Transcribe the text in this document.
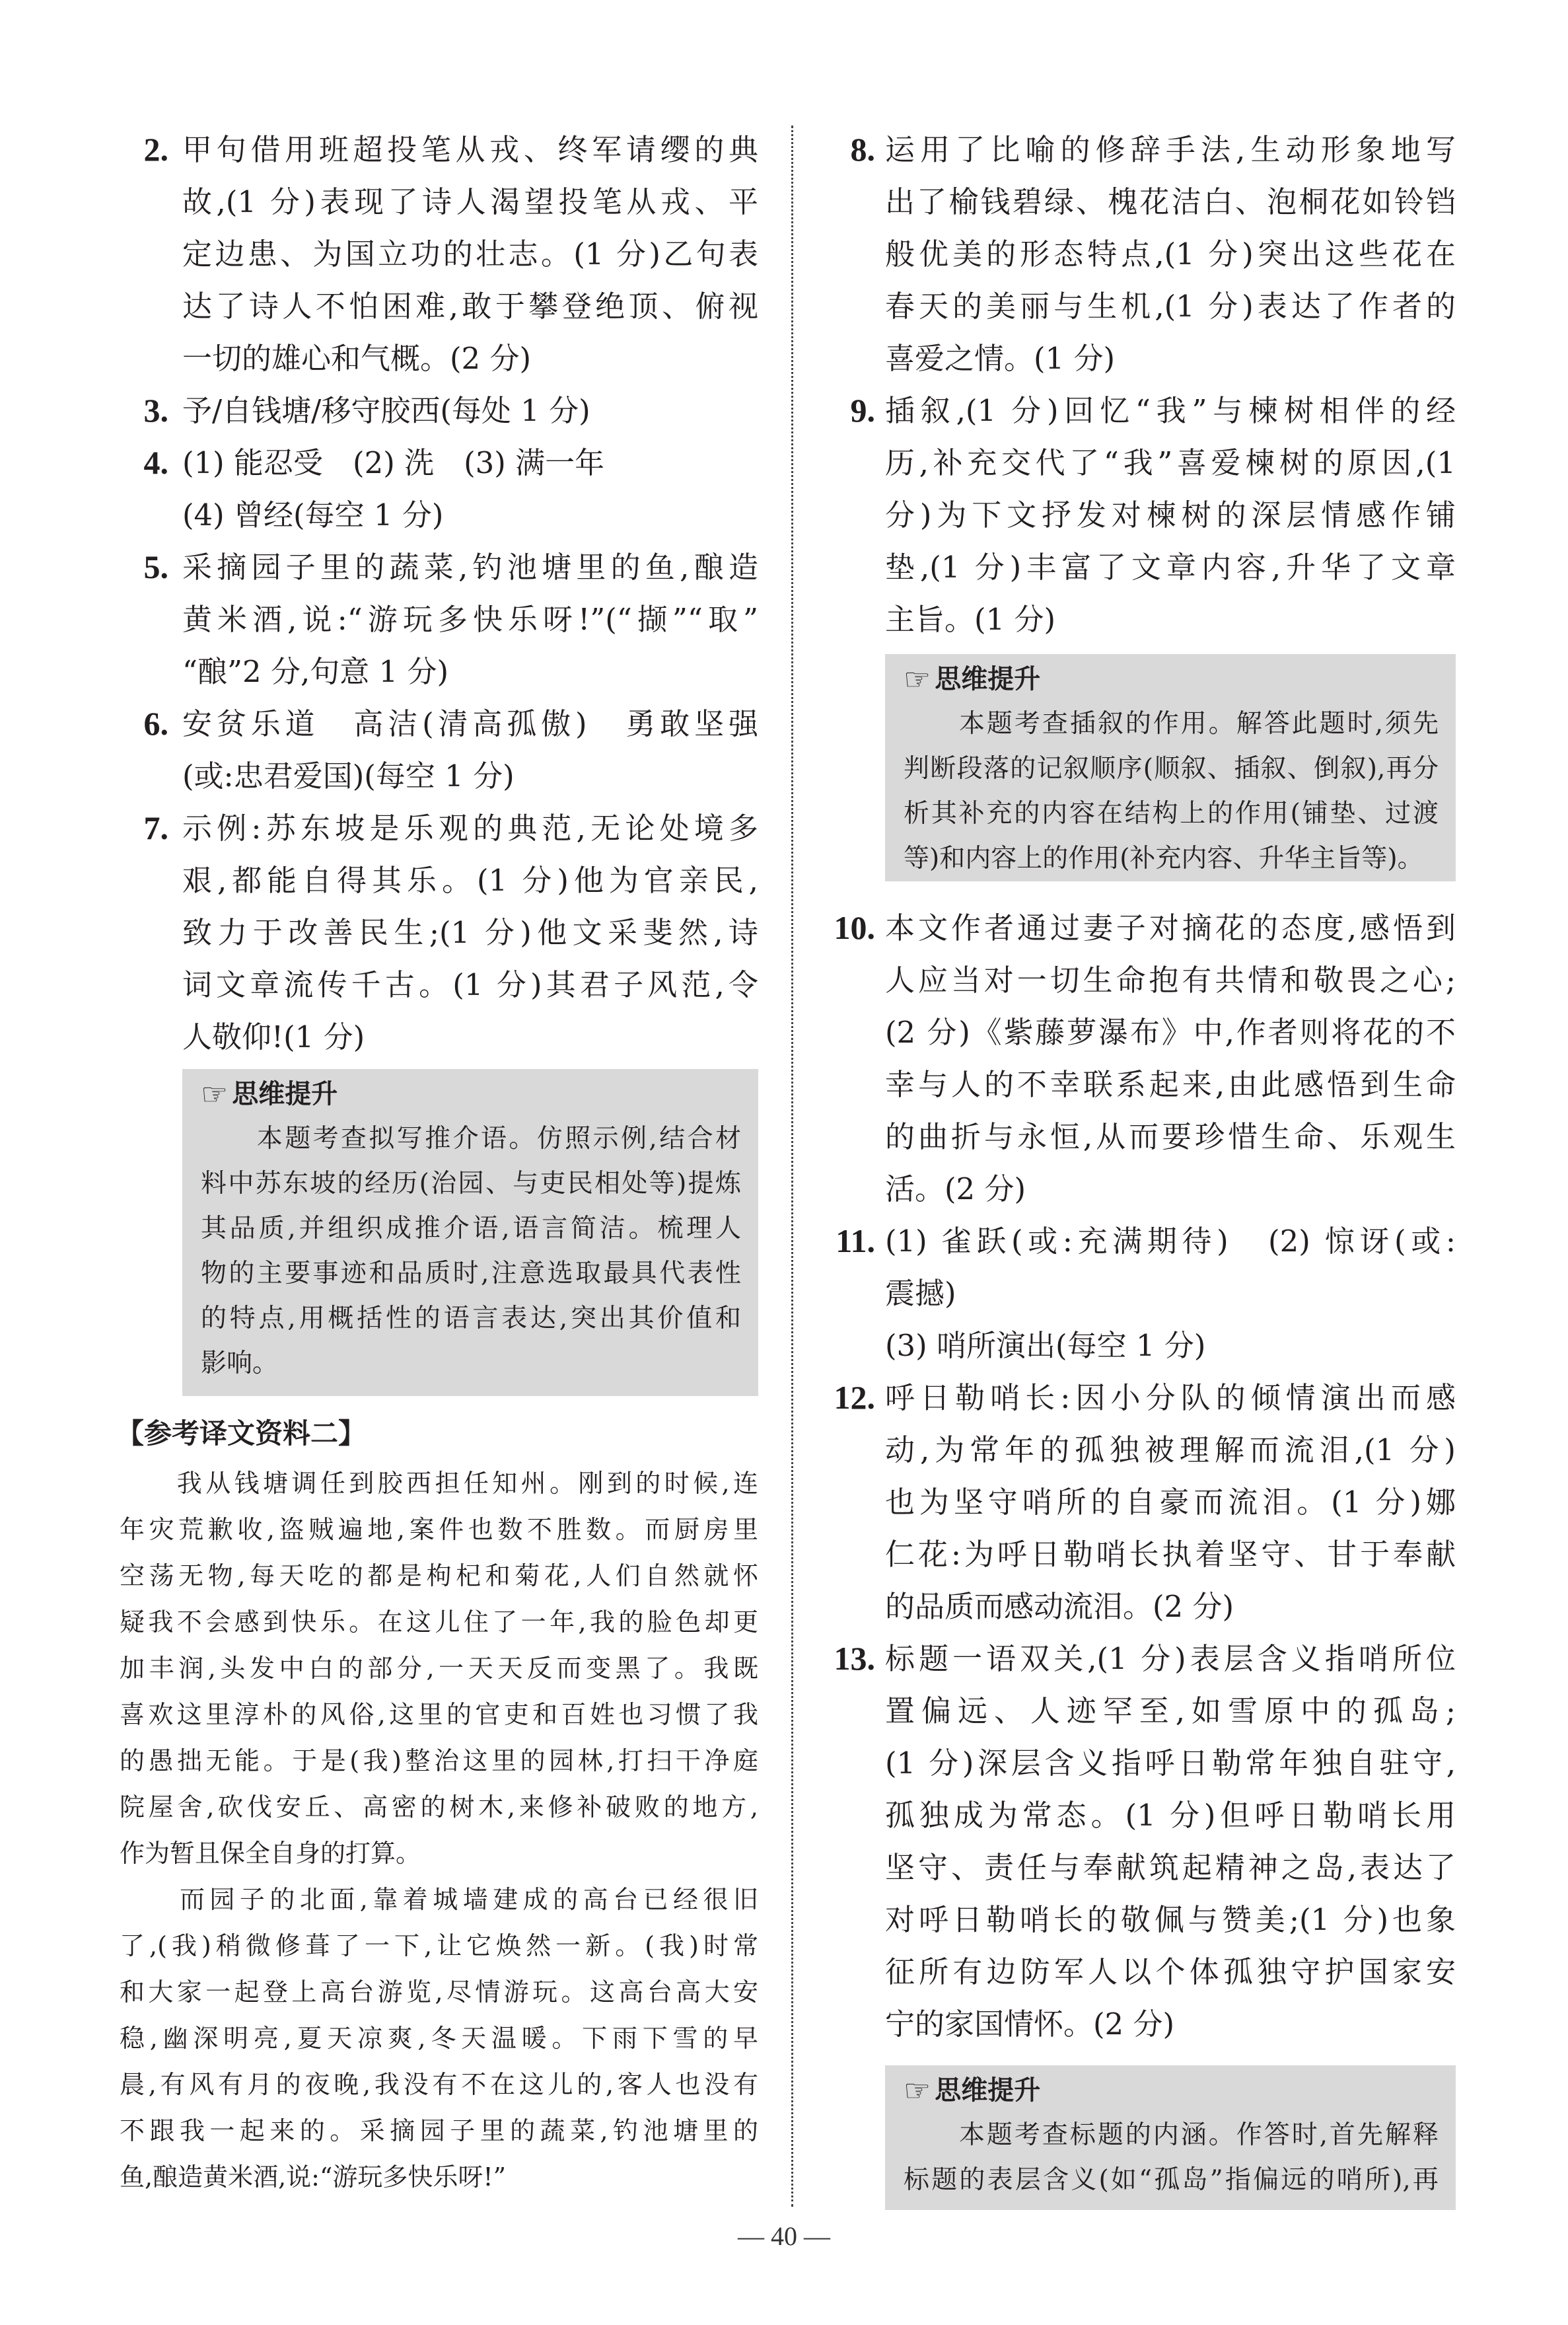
2. 甲句借用班超投笔从戎、终军请缨的典
故,(1 分)表现了诗人渴望投笔从戎、平
定边患、为国立功的壮志。(1 分)乙句表
达了诗人不怕困难,敢于攀登绝顶、俯视
一切的雄心和气概。(2 分)
3. 予/自钱塘/移守胶西(每处 1 分)
4. (1) 能忍受　(2) 洗　(3) 满一年
(4) 曾经(每空 1 分)
5. 采摘园子里的蔬菜,钓池塘里的鱼,酿造
黄米酒,说:“游玩多快乐呀!”(“撷”“取”
“酿”2 分,句意 1 分)
6. 安贫乐道　高洁(清高孤傲)　勇敢坚强
(或:忠君爱国)(每空 1 分)
7. 示例:苏东坡是乐观的典范,无论处境多
艰,都能自得其乐。(1 分)他为官亲民,
致力于改善民生;(1 分)他文采斐然,诗
词文章流传千古。(1 分)其君子风范,令
人敬仰!(1 分)
☞ 思维提升
　　本题考查拟写推介语。仿照示例,结合材
料中苏东坡的经历(治园、与吏民相处等)提炼
其品质,并组织成推介语,语言简洁。梳理人
物的主要事迹和品质时,注意选取最具代表性
的特点,用概括性的语言表达,突出其价值和
影响。
【参考译文资料二】
　　我从钱塘调任到胶西担任知州。刚到的时候,连
年灾荒歉收,盗贼遍地,案件也数不胜数。而厨房里
空荡无物,每天吃的都是枸杞和菊花,人们自然就怀
疑我不会感到快乐。在这儿住了一年,我的脸色却更
加丰润,头发中白的部分,一天天反而变黑了。我既
喜欢这里淳朴的风俗,这里的官吏和百姓也习惯了我
的愚拙无能。于是(我)整治这里的园林,打扫干净庭
院屋舍,砍伐安丘、高密的树木,来修补破败的地方,
作为暂且保全自身的打算。
　　而园子的北面,靠着城墙建成的高台已经很旧
了,(我)稍微修葺了一下,让它焕然一新。(我)时常
和大家一起登上高台游览,尽情游玩。这高台高大安
稳,幽深明亮,夏天凉爽,冬天温暖。下雨下雪的早
晨,有风有月的夜晚,我没有不在这儿的,客人也没有
不跟我一起来的。采摘园子里的蔬菜,钓池塘里的
鱼,酿造黄米酒,说:“游玩多快乐呀!”
8. 运用了比喻的修辞手法,生动形象地写
出了榆钱碧绿、槐花洁白、泡桐花如铃铛
般优美的形态特点,(1 分)突出这些花在
春天的美丽与生机,(1 分)表达了作者的
喜爱之情。(1 分)
9. 插叙,(1 分)回忆“我”与楝树相伴的经
历,补充交代了“我”喜爱楝树的原因,(1
分)为下文抒发对楝树的深层情感作铺
垫,(1 分)丰富了文章内容,升华了文章
主旨。(1 分)
☞ 思维提升
　　本题考查插叙的作用。解答此题时,须先
判断段落的记叙顺序(顺叙、插叙、倒叙),再分
析其补充的内容在结构上的作用(铺垫、过渡
等)和内容上的作用(补充内容、升华主旨等)。
10. 本文作者通过妻子对摘花的态度,感悟到
人应当对一切生命抱有共情和敬畏之心;
(2 分)《紫藤萝瀑布》中,作者则将花的不
幸与人的不幸联系起来,由此感悟到生命
的曲折与永恒,从而要珍惜生命、乐观生
活。(2 分)
11. (1) 雀跃(或:充满期待)　(2) 惊讶(或:
震撼)
(3) 哨所演出(每空 1 分)
12. 呼日勒哨长:因小分队的倾情演出而感
动,为常年的孤独被理解而流泪,(1 分)
也为坚守哨所的自豪而流泪。(1 分)娜
仁花:为呼日勒哨长执着坚守、甘于奉献
的品质而感动流泪。(2 分)
13. 标题一语双关,(1 分)表层含义指哨所位
置偏远、人迹罕至,如雪原中的孤岛;
(1 分)深层含义指呼日勒常年独自驻守,
孤独成为常态。(1 分)但呼日勒哨长用
坚守、责任与奉献筑起精神之岛,表达了
对呼日勒哨长的敬佩与赞美;(1 分)也象
征所有边防军人以个体孤独守护国家安
宁的家国情怀。(2 分)
☞ 思维提升
　　本题考查标题的内涵。作答时,首先解释
标题的表层含义(如“孤岛”指偏远的哨所),再
— 40 —
